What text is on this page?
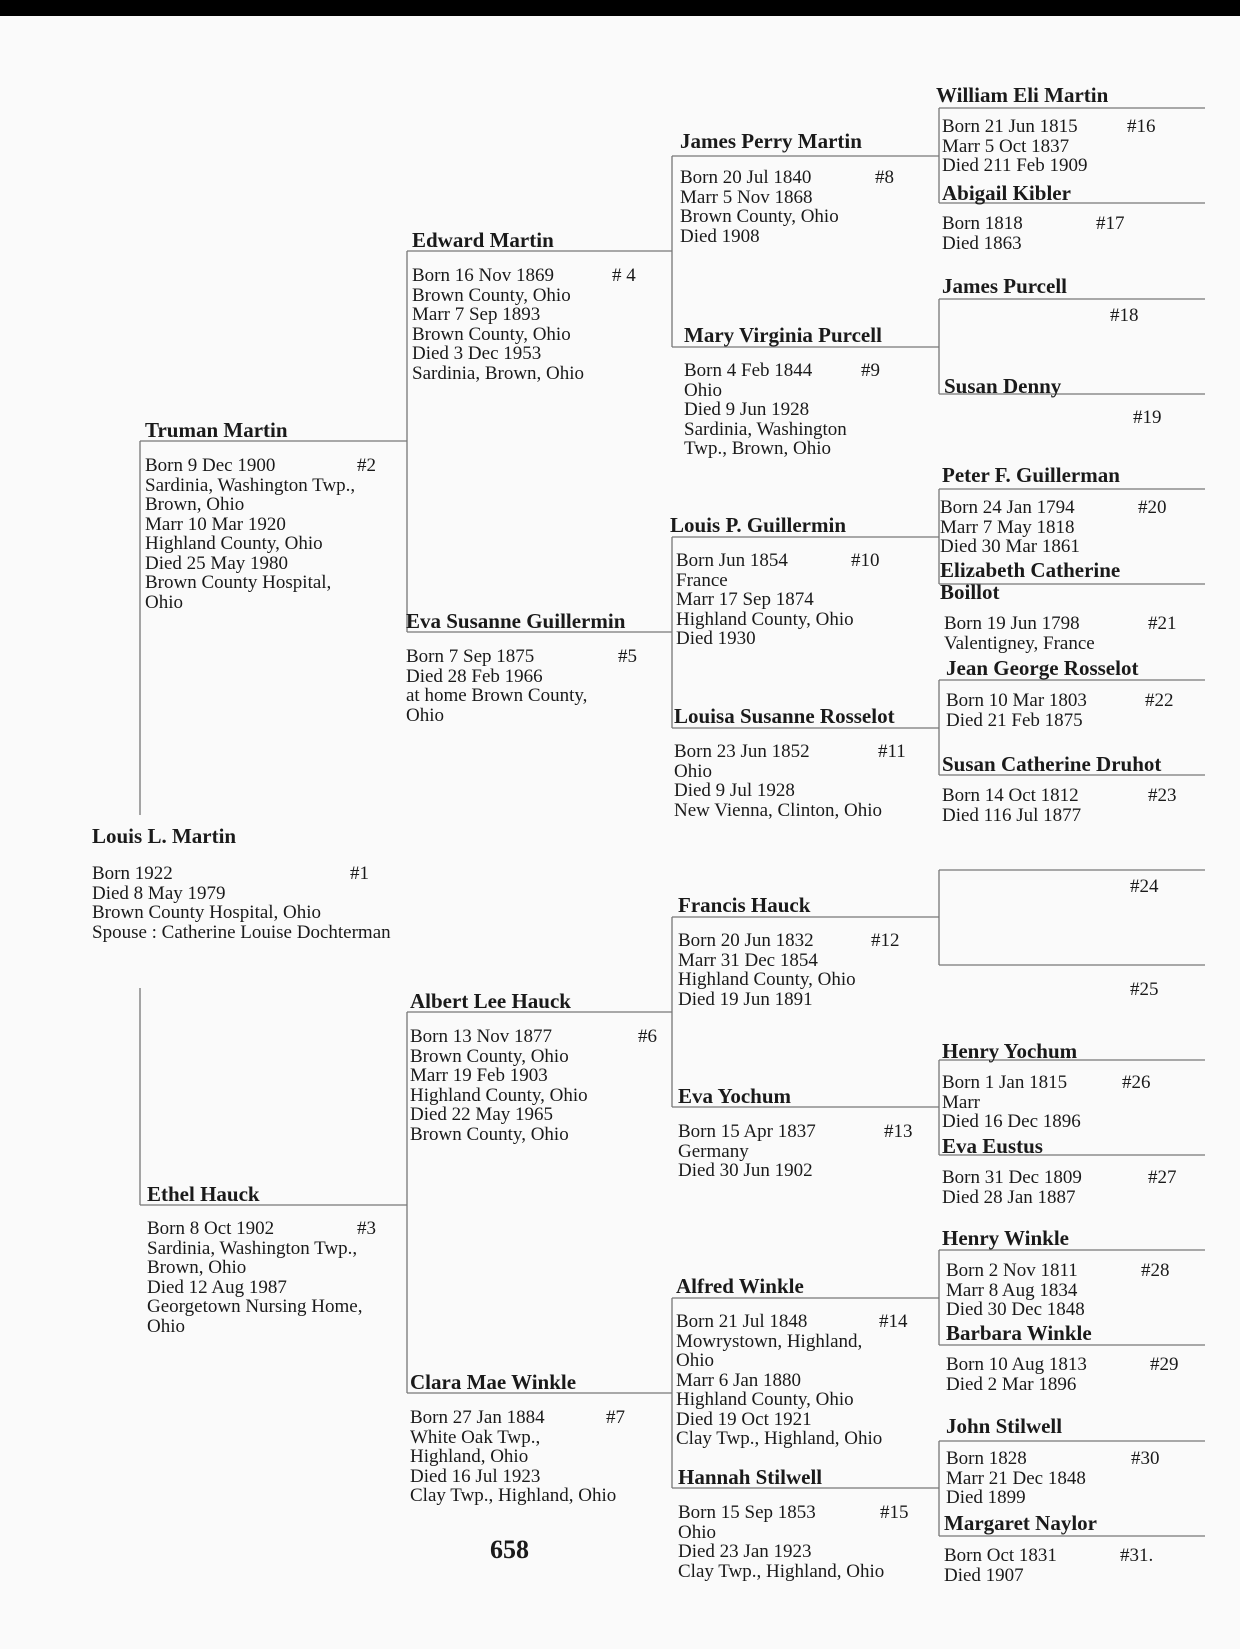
Louis L. Martin
Born 1922
Died 8 May 1979
Brown County Hospital, Ohio
Spouse : Catherine Louise Dochterman
#1
Truman Martin
Born 9 Dec 1900
Sardinia, Washington Twp.,
Brown, Ohio
Marr 10 Mar 1920
Highland County, Ohio
Died 25 May 1980
Brown County Hospital,
Ohio
#2
Ethel Hauck
Born 8 Oct 1902
Sardinia, Washington Twp.,
Brown, Ohio
Died 12 Aug 1987
Georgetown Nursing Home,
Ohio
#3
Edward Martin
Born 16 Nov 1869
Brown County, Ohio
Marr 7 Sep 1893
Brown County, Ohio
Died 3 Dec 1953
Sardinia, Brown, Ohio
# 4
Eva Susanne Guillermin
Born 7 Sep 1875
Died 28 Feb 1966
at home Brown County,
Ohio
#5
Albert Lee Hauck
Born 13 Nov 1877
Brown County, Ohio
Marr 19 Feb 1903
Highland County, Ohio
Died 22 May 1965
Brown County, Ohio
#6
Clara Mae Winkle
Born 27 Jan 1884
White Oak Twp.,
Highland, Ohio
Died 16 Jul 1923
Clay Twp., Highland, Ohio
#7
James Perry Martin
Born 20 Jul 1840
Marr 5 Nov 1868
Brown County, Ohio
Died 1908
#8
Mary Virginia Purcell
Born 4 Feb 1844
Ohio
Died 9 Jun 1928
Sardinia, Washington
Twp., Brown, Ohio
#9
Louis P. Guillermin
Born Jun 1854
France
Marr 17 Sep 1874
Highland County, Ohio
Died 1930
#10
Louisa Susanne Rosselot
Born 23 Jun 1852
Ohio
Died 9 Jul 1928
New Vienna, Clinton, Ohio
#11
Francis Hauck
Born 20 Jun 1832
Marr 31 Dec 1854
Highland County, Ohio
Died 19 Jun 1891
#12
Eva Yochum
Born 15 Apr 1837
Germany
Died 30 Jun 1902
#13
Alfred Winkle
Born 21 Jul 1848
Mowrystown, Highland,
Ohio
Marr 6 Jan 1880
Highland County, Ohio
Died 19 Oct 1921
Clay Twp., Highland, Ohio
#14
Hannah Stilwell
Born 15 Sep 1853
Ohio
Died 23 Jan 1923
Clay Twp., Highland, Ohio
#15
William Eli Martin
Born 21 Jun 1815
Marr 5 Oct 1837
Died 211 Feb 1909
#16
Abigail Kibler
Born 1818
Died 1863
#17
James Purcell
#18
Susan Denny
#19
Peter F. Guillerman
Born 24 Jan 1794
Marr 7 May 1818
Died 30 Mar 1861
#20
Elizabeth Catherine Boillot
Born 19 Jun 1798
Valentigney, France
#21
Jean George Rosselot
Born 10 Mar 1803
Died 21 Feb 1875
#22
Susan Catherine Druhot
Born 14 Oct 1812
Died 116 Jul 1877
#23
#24
#25
Henry Yochum
Born 1 Jan 1815
Marr
Died 16 Dec 1896
#26
Eva Eustus
Born 31 Dec 1809
Died 28 Jan 1887
#27
Henry Winkle
Born 2 Nov 1811
Marr 8 Aug 1834
Died 30 Dec 1848
#28
Barbara Winkle
Born 10 Aug 1813
Died 2 Mar 1896
#29
John Stilwell
Born 1828
Marr 21 Dec 1848
Died 1899
#30
Margaret Naylor
Born Oct 1831
Died 1907
#31.
658
